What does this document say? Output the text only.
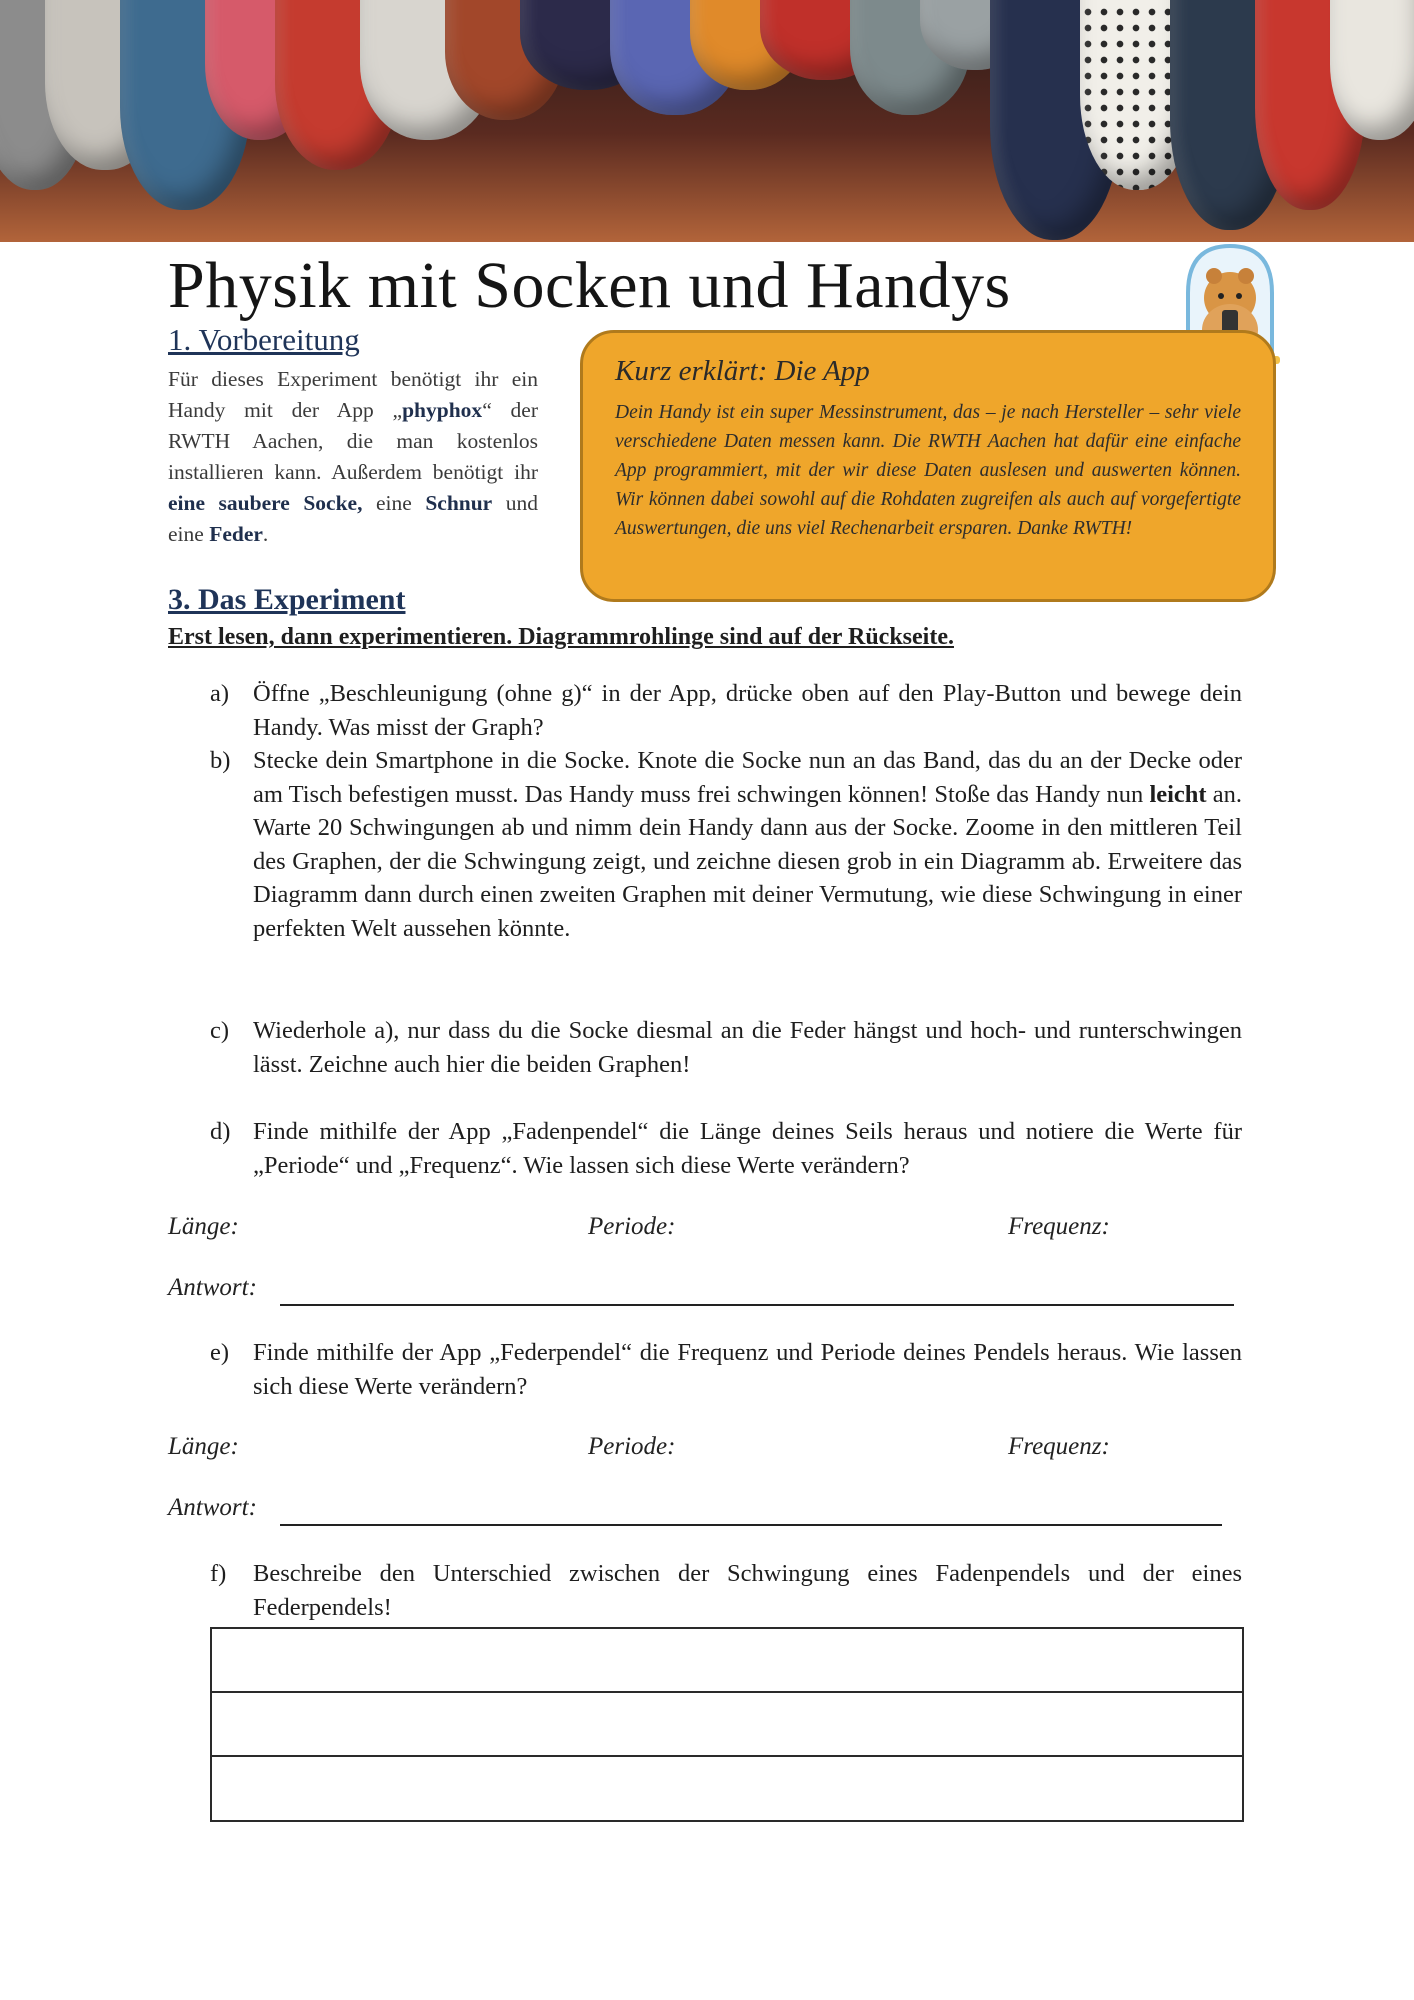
Physik mit Socken und Handys
1. Vorbereitung

Für dieses Experiment benötigt ihr ein Handy mit der App „phyphox“ der RWTH Aachen, die man kostenlos installieren kann. Außerdem benötigt ihr eine saubere Socke, eine Schnur und eine Feder.

Kurz erklärt: Die App

Dein Handy ist ein super Messinstrument, das – je nach Hersteller – sehr viele verschiedene Daten messen kann. Die RWTH Aachen hat dafür eine einfache App programmiert, mit der wir diese Daten auslesen und auswerten können. Wir können dabei sowohl auf die Rohdaten zugreifen als auch auf vorgefertigte Auswertungen, die uns viel Rechenarbeit ersparen. Danke RWTH!

3. Das Experiment

Erst lesen, dann experimentieren. Diagrammrohlinge sind auf der Rückseite.

a) Öffne „Beschleunigung (ohne g)“ in der App, drücke oben auf den Play-Button und bewege dein Handy. Was misst der Graph?
b) Stecke dein Smartphone in die Socke. Knote die Socke nun an das Band, das du an der Decke oder am Tisch befestigen musst. Das Handy muss frei schwingen können! Stoße das Handy nun leicht an. Warte 20 Schwingungen ab und nimm dein Handy dann aus der Socke. Zoome in den mittleren Teil des Graphen, der die Schwingung zeigt, und zeichne diesen grob in ein Diagramm ab. Erweitere das Diagramm dann durch einen zweiten Graphen mit deiner Vermutung, wie diese Schwingung in einer perfekten Welt aussehen könnte.
c) Wiederhole a), nur dass du die Socke diesmal an die Feder hängst und hoch- und runterschwingen lässt. Zeichne auch hier die beiden Graphen!
d) Finde mithilfe der App „Fadenpendel“ die Länge deines Seils heraus und notiere die Werte für „Periode“ und „Frequenz“. Wie lassen sich diese Werte verändern?
Länge:	Periode:	Frequenz:
Antwort:
e) Finde mithilfe der App „Federpendel“ die Frequenz und Periode deines Pendels heraus. Wie lassen sich diese Werte verändern?
Länge:	Periode:	Frequenz:
Antwort:
f) Beschreibe den Unterschied zwischen der Schwingung eines Fadenpendels und der eines Federpendels!
